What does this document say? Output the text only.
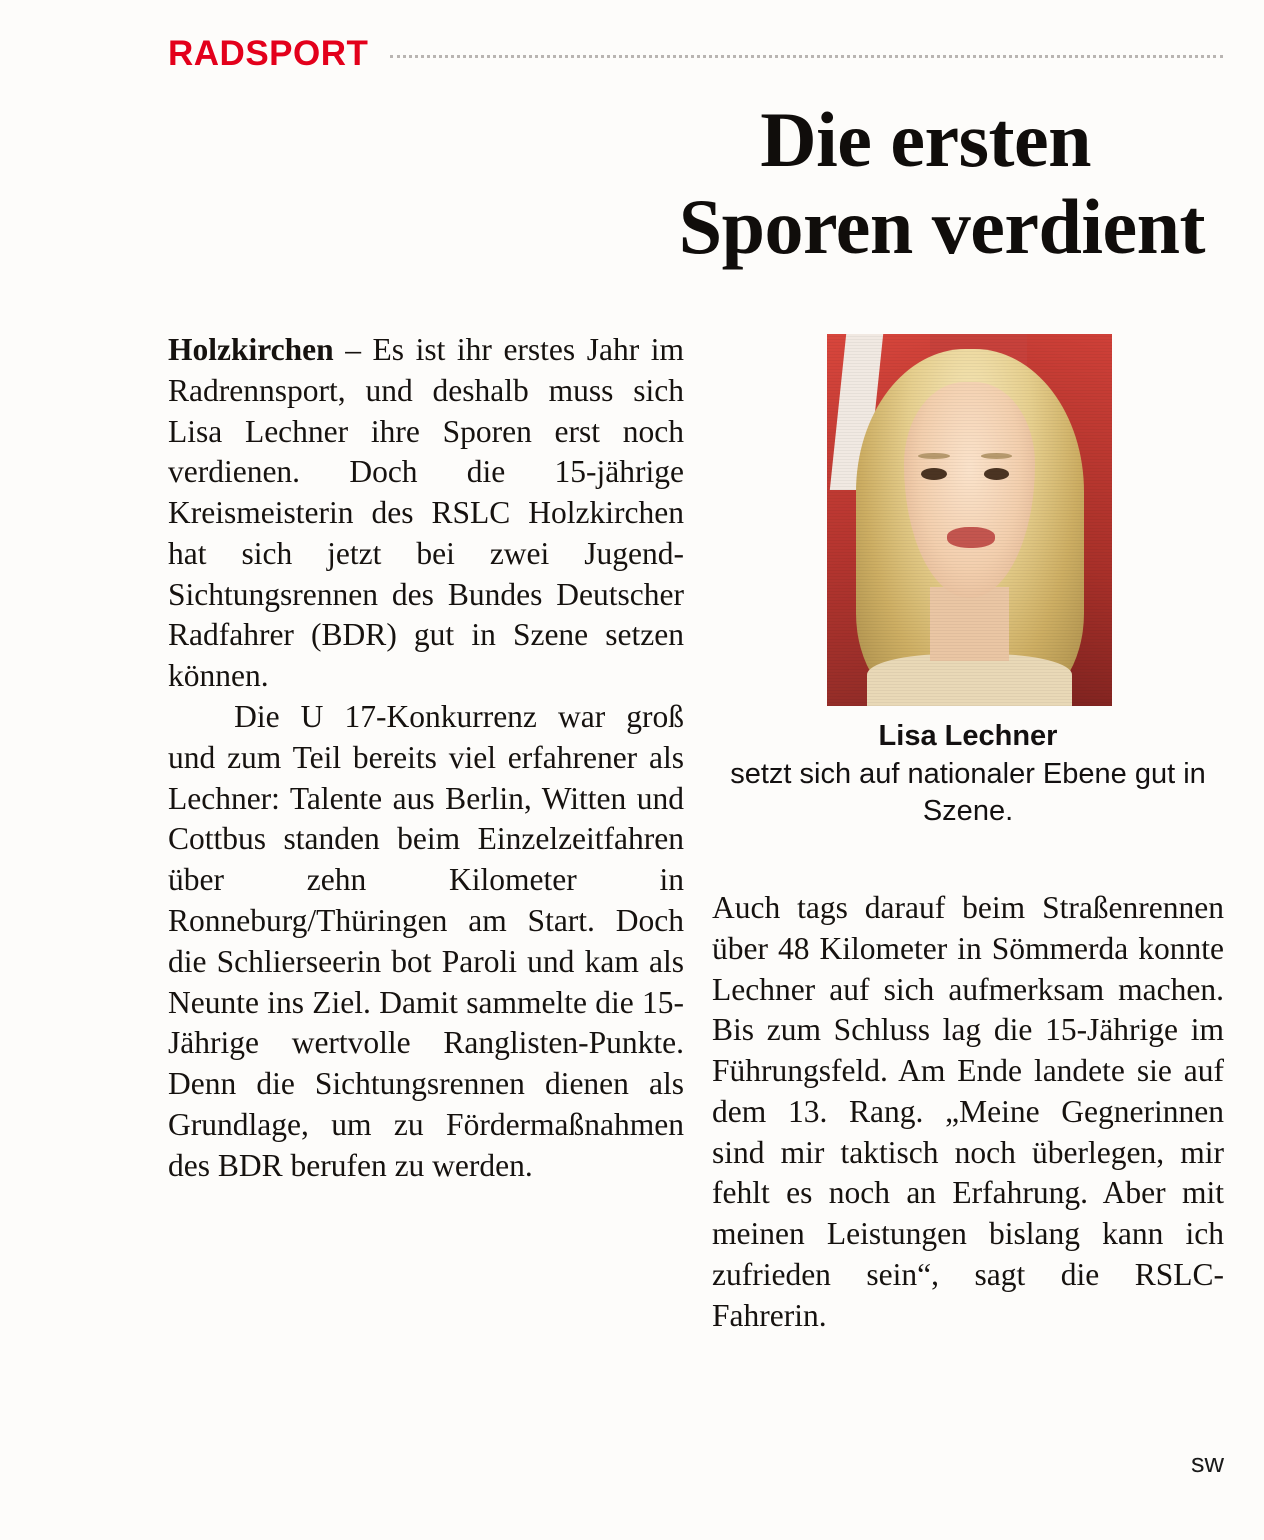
RADSPORT
Die ersten
Sporen verdient

Holzkirchen – Es ist ihr erstes Jahr im Radrennsport, und deshalb muss sich Lisa Lechner ihre Sporen erst noch verdienen. Doch die 15-jährige Kreismeisterin des RSLC Holzkirchen hat sich jetzt bei zwei Jugend-Sichtungsrennen des Bundes Deutscher Radfahrer (BDR) gut in Szene setzen können.

Die U 17-Konkurrenz war groß und zum Teil bereits viel erfahrener als Lechner: Talente aus Berlin, Witten und Cottbus standen beim Einzelzeitfahren über zehn Kilometer in Ronneburg/Thüringen am Start. Doch die Schlierseerin bot Paroli und kam als Neunte ins Ziel. Damit sammelte die 15-Jährige wertvolle Ranglisten-Punkte. Denn die Sichtungsrennen dienen als Grundlage, um zu Fördermaßnahmen des BDR berufen zu werden.

Lisa Lechner
setzt sich auf nationaler Ebene gut in Szene.

Auch tags darauf beim Straßenrennen über 48 Kilometer in Sömmerda konnte Lechner auf sich aufmerksam machen. Bis zum Schluss lag die 15-Jährige im Führungsfeld. Am Ende landete sie auf dem 13. Rang. „Meine Gegnerinnen sind mir taktisch noch überlegen, mir fehlt es noch an Erfahrung. Aber mit meinen Leistungen bislang kann ich zufrieden sein“, sagt die RSLC-Fahrerin.

sw
